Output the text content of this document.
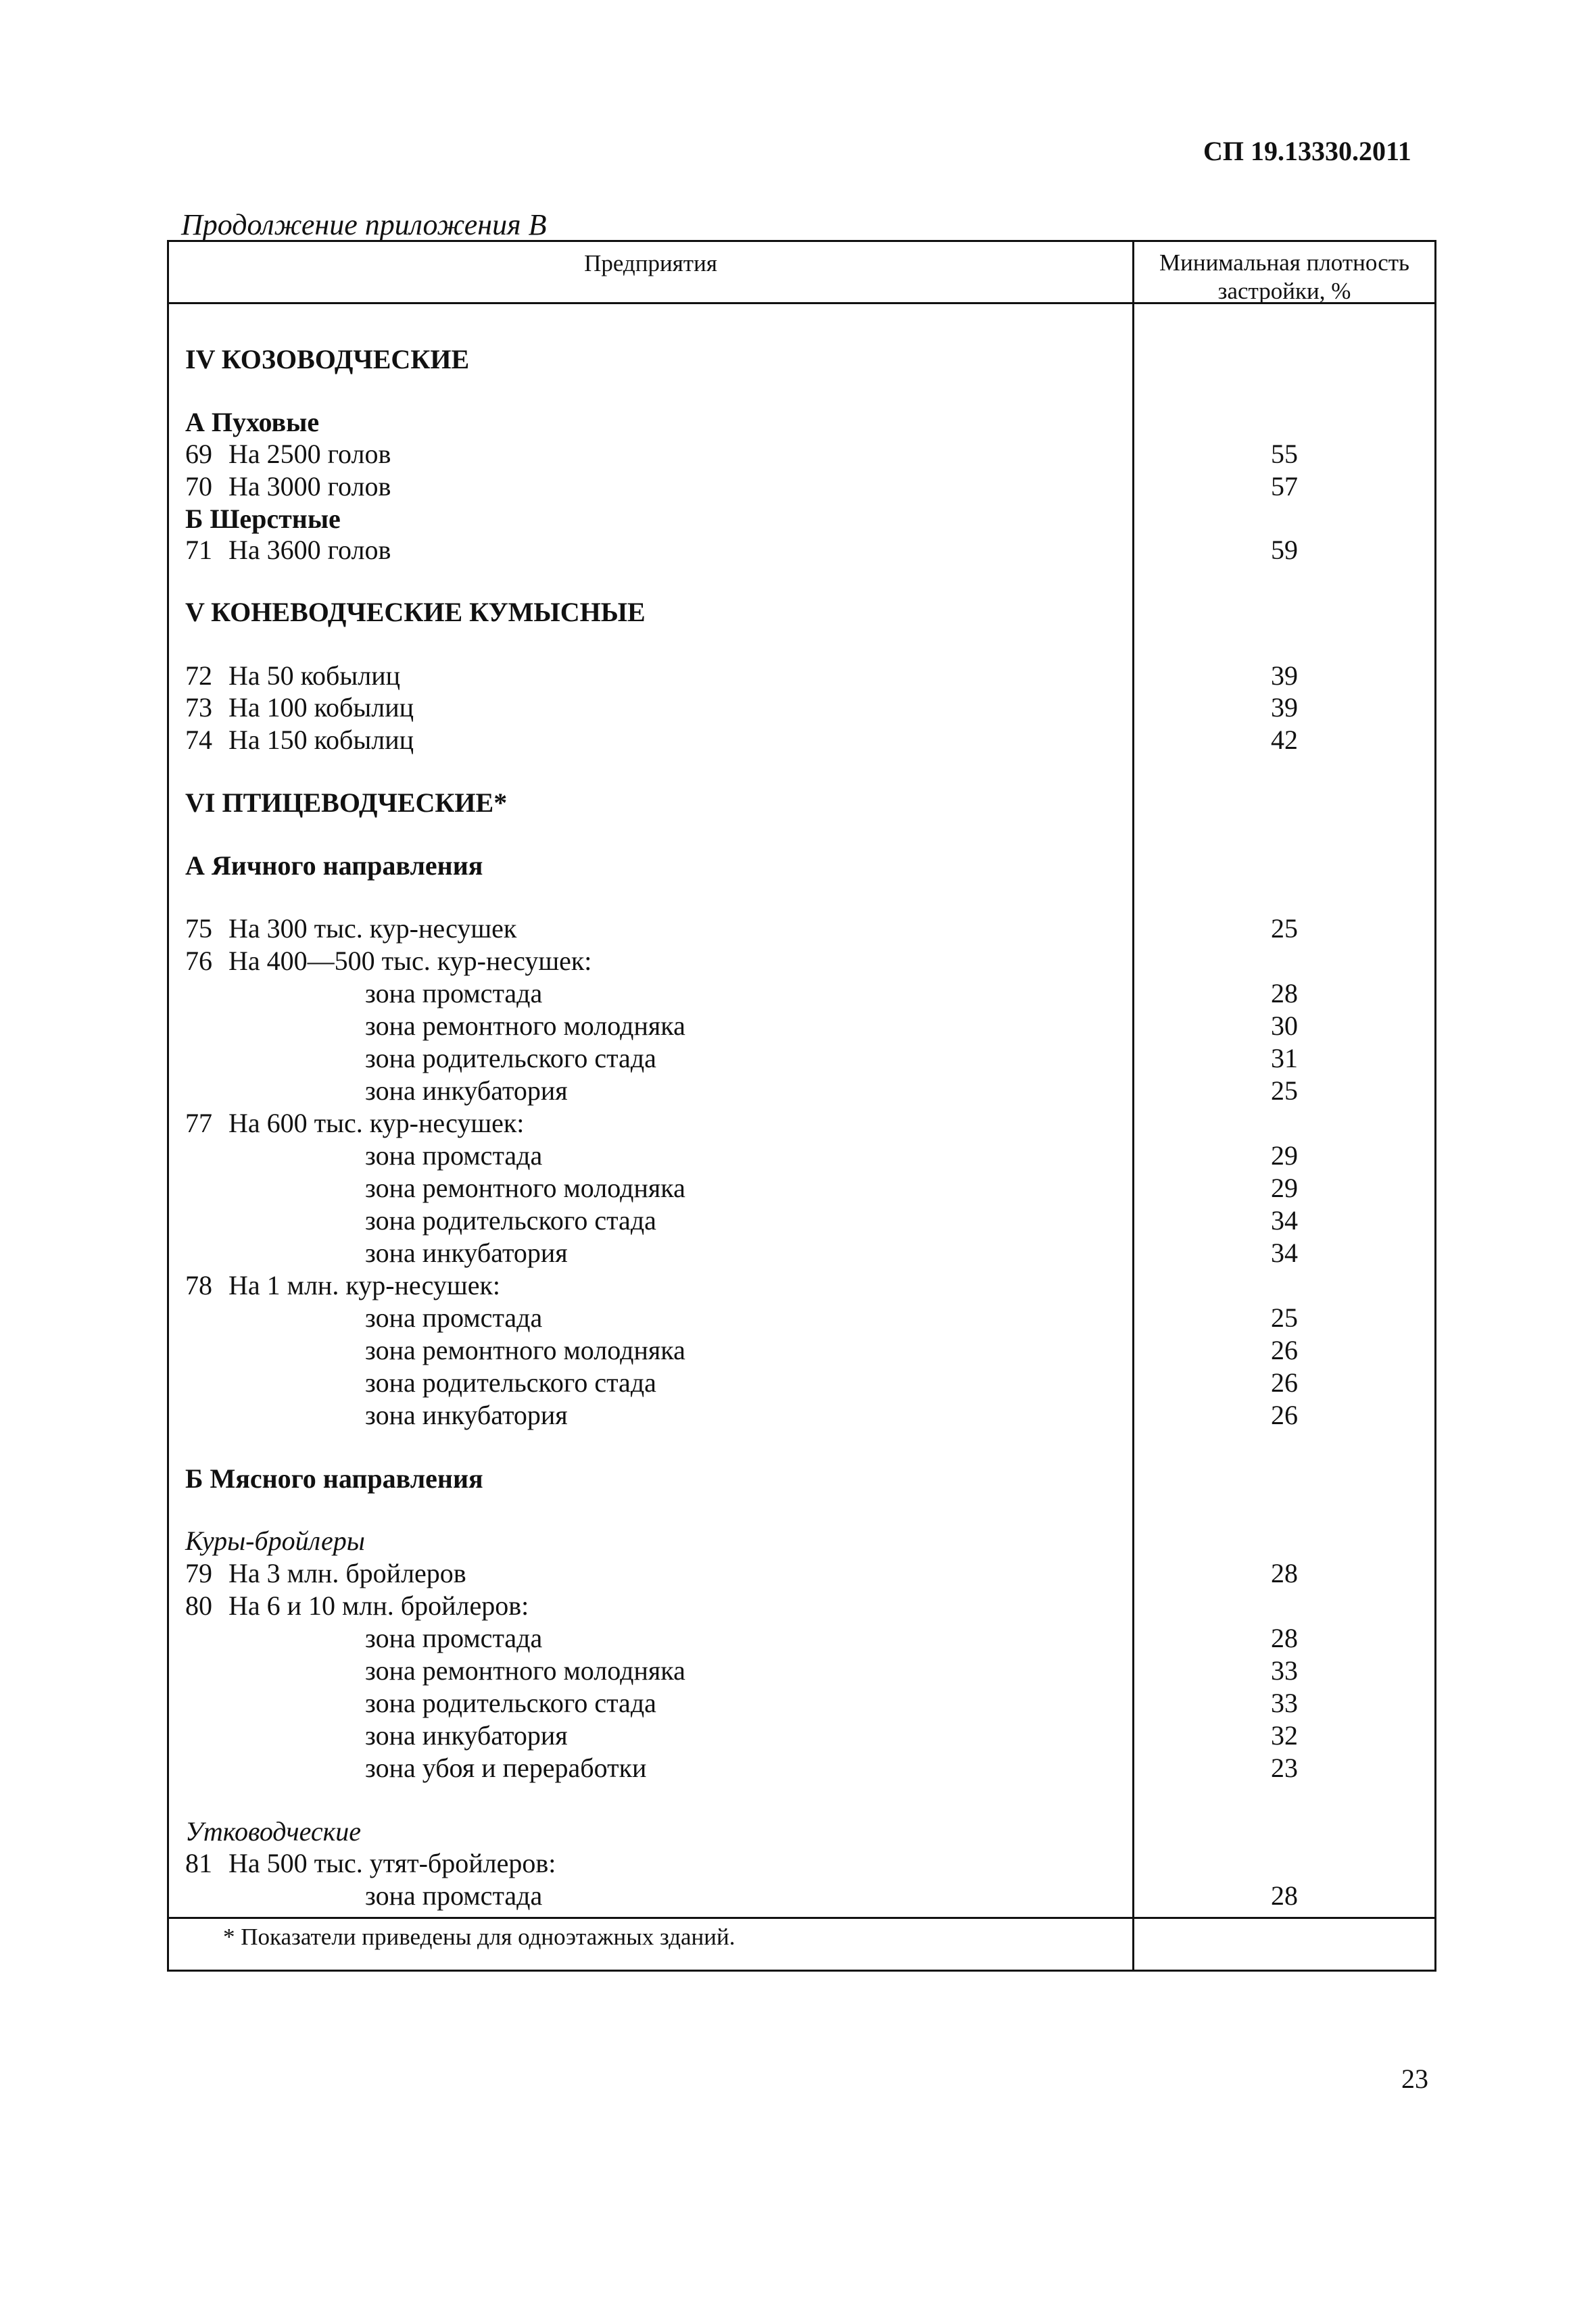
СП 19.13330.2011
Продолжение приложения В
Предприятия	Минимальная плотность застройки, %
IV КОЗОВОДЧЕСКИЕ
А Пуховые
69 На 2500 голов	55
70 На 3000 голов	57
Б Шерстные
71 На 3600 голов	59
V КОНЕВОДЧЕСКИЕ КУМЫСНЫЕ
72 На 50 кобылиц	39
73 На 100 кобылиц	39
74 На 150 кобылиц	42
VI ПТИЦЕВОДЧЕСКИЕ*
А Яичного направления
75 На 300 тыс. кур-несушек	25
76 На 400—500 тыс. кур-несушек:
зона промстада	28
зона ремонтного молодняка	30
зона родительского стада	31
зона инкубатория	25
77 На 600 тыс. кур-несушек:
зона промстада	29
зона ремонтного молодняка	29
зона родительского стада	34
зона инкубатория	34
78 На 1 млн. кур-несушек:
зона промстада	25
зона ремонтного молодняка	26
зона родительского стада	26
зона инкубатория	26
Б Мясного направления
Куры-бройлеры
79 На 3 млн. бройлеров	28
80 На 6 и 10 млн. бройлеров:
зона промстада	28
зона ремонтного молодняка	33
зона родительского стада	33
зона инкубатория	32
зона убоя и переработки	23
Утководческие
81 На 500 тыс. утят-бройлеров:
зона промстада	28
* Показатели приведены для одноэтажных зданий.
23
